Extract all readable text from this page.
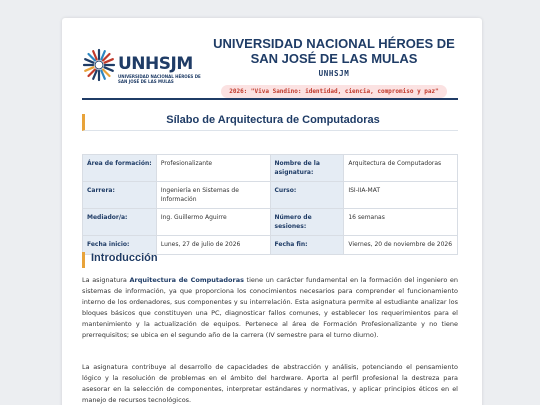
UNHSJM
UNIVERSIDAD NACIONAL HÉROES DE SAN JOSÉ DE LAS MULAS
UNIVERSIDAD NACIONAL HÉROES DE SAN JOSÉ DE LAS MULAS
UNHSJM
2026: "Viva Sandino: identidad, ciencia, compromiso y paz"
Sílabo de Arquitectura de Computadoras
Área de formación:	Profesionalizante	Nombre de la asignatura:	Arquitectura de Computadoras
Carrera:	Ingeniería en Sistemas de Información	Curso:	ISI-IIA-MAT
Mediador/a:	Ing. Guillermo Aguirre	Número de sesiones:	16 semanas
Fecha inicio:	Lunes, 27 de julio de 2026	Fecha fin:	Viernes, 20 de noviembre de 2026
Introducción

La asignatura Arquitectura de Computadoras tiene un carácter fundamental en la formación del ingeniero en sistemas de información, ya que proporciona los conocimientos necesarios para comprender el funcionamiento interno de los ordenadores, sus componentes y su interrelación. Esta asignatura permite al estudiante analizar los bloques básicos que constituyen una PC, diagnosticar fallos comunes, y establecer los requerimientos para el mantenimiento y la actualización de equipos. Pertenece al área de Formación Profesionalizante y no tiene prerrequisitos; se ubica en el segundo año de la carrera (IV semestre para el turno diurno).

La asignatura contribuye al desarrollo de capacidades de abstracción y análisis, potenciando el pensamiento lógico y la resolución de problemas en el ámbito del hardware. Aporta al perfil profesional la destreza para asesorar en la selección de componentes, interpretar estándares y normativas, y aplicar principios éticos en el manejo de recursos tecnológicos.
